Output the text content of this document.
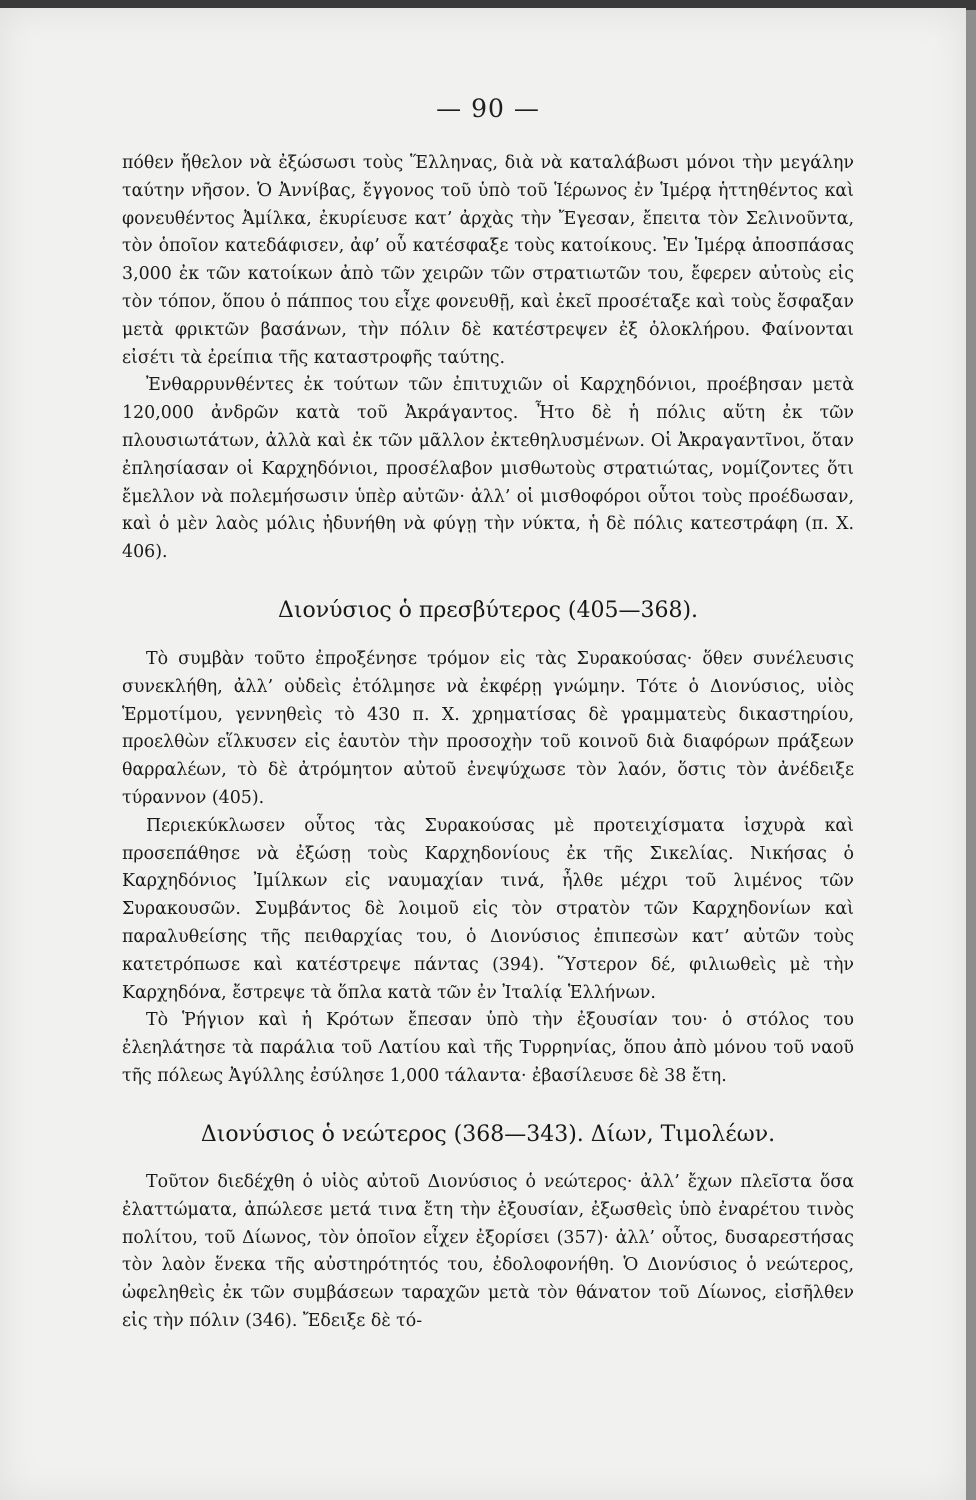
— 90 —

πόθεν ἤθελον νὰ ἐξώσωσι τοὺς Ἕλληνας, διὰ νὰ καταλάβωσι μόνοι τὴν μεγάλην ταύτην νῆσον. Ὁ Ἀννίβας, ἔγγονος τοῦ ὑπὸ τοῦ Ἱέρωνος ἐν Ἱμέρᾳ ἡττηθέντος καὶ φονευθέντος Ἀμίλκα, ἐκυρίευσε κατ’ ἀρχὰς τὴν Ἔγεσαν, ἔπειτα τὸν Σελινοῦντα, τὸν ὁποῖον κατεδάφισεν, ἀφ’ οὗ κατέσφαξε τοὺς κατοίκους. Ἐν Ἱμέρᾳ ἀποσπάσας 3,000 ἐκ τῶν κατοίκων ἀπὸ τῶν χειρῶν τῶν στρατιωτῶν του, ἔφερεν αὐτοὺς εἰς τὸν τόπον, ὅπου ὁ πάππος του εἶχε φονευθῇ, καὶ ἐκεῖ προσέταξε καὶ τοὺς ἔσφαξαν μετὰ φρικτῶν βασάνων, τὴν πόλιν δὲ κατέστρεψεν ἐξ ὁλοκλήρου. Φαίνονται εἰσέτι τὰ ἐρείπια τῆς καταστροφῆς ταύτης.

Ἐνθαρρυνθέντες ἐκ τούτων τῶν ἐπιτυχιῶν οἱ Καρχηδόνιοι, προέβησαν μετὰ 120,000 ἀνδρῶν κατὰ τοῦ Ἀκράγαντος. Ἦτο δὲ ἡ πόλις αὕτη ἐκ τῶν πλουσιωτάτων, ἀλλὰ καὶ ἐκ τῶν μᾶλλον ἐκτεθηλυσμένων. Οἱ Ἀκραγαντῖνοι, ὅταν ἐπλησίασαν οἱ Καρχηδόνιοι, προσέλαβον μισθωτοὺς στρατιώτας, νομίζοντες ὅτι ἔμελλον νὰ πολεμήσωσιν ὑπὲρ αὐτῶν· ἀλλ’ οἱ μισθοφόροι οὗτοι τοὺς προέδωσαν, καὶ ὁ μὲν λαὸς μόλις ἠδυνήθη νὰ φύγῃ τὴν νύκτα, ἡ δὲ πόλις κατεστράφη (π. Χ. 406).

Διονύσιος ὁ πρεσβύτερος (405—368).

Τὸ συμβὰν τοῦτο ἐπροξένησε τρόμον εἰς τὰς Συρακούσας· ὅθεν συνέλευσις συνεκλήθη, ἀλλ’ οὐδεὶς ἐτόλμησε νὰ ἐκφέρῃ γνώμην. Τότε ὁ Διονύσιος, υἱὸς Ἑρμοτίμου, γεννηθεὶς τὸ 430 π. Χ. χρηματίσας δὲ γραμματεὺς δικαστηρίου, προελθὼν εἵλκυσεν εἰς ἑαυτὸν τὴν προσοχὴν τοῦ κοινοῦ διὰ διαφόρων πράξεων θαρραλέων, τὸ δὲ ἀτρόμητον αὐτοῦ ἐνεψύχωσε τὸν λαόν, ὅστις τὸν ἀνέδειξε τύραννον (405).

Περιεκύκλωσεν οὗτος τὰς Συρακούσας μὲ προτειχίσματα ἰσχυρὰ καὶ προσεπάθησε νὰ ἐξώσῃ τοὺς Καρχηδονίους ἐκ τῆς Σικελίας. Νικήσας ὁ Καρχηδόνιος Ἰμίλκων εἰς ναυμαχίαν τινά, ἦλθε μέχρι τοῦ λιμένος τῶν Συρακουσῶν. Συμβάντος δὲ λοιμοῦ εἰς τὸν στρατὸν τῶν Καρχηδονίων καὶ παραλυθείσης τῆς πειθαρχίας του, ὁ Διονύσιος ἐπιπεσὼν κατ’ αὐτῶν τοὺς κατετρόπωσε καὶ κατέστρεψε πάντας (394). Ὕστερον δέ, φιλιωθεὶς μὲ τὴν Καρχηδόνα, ἔστρεψε τὰ ὅπλα κατὰ τῶν ἐν Ἰταλίᾳ Ἑλλήνων.

Τὸ Ῥήγιον καὶ ἡ Κρότων ἔπεσαν ὑπὸ τὴν ἐξουσίαν του· ὁ στόλος του ἐλεηλάτησε τὰ παράλια τοῦ Λατίου καὶ τῆς Τυρρηνίας, ὅπου ἀπὸ μόνου τοῦ ναοῦ τῆς πόλεως Ἀγύλλης ἐσύλησε 1,000 τάλαντα· ἐβασίλευσε δὲ 38 ἔτη.

Διονύσιος ὁ νεώτερος (368—343). Δίων, Τιμολέων.

Τοῦτον διεδέχθη ὁ υἱὸς αὐτοῦ Διονύσιος ὁ νεώτερος· ἀλλ’ ἔχων πλεῖστα ὅσα ἐλαττώματα, ἀπώλεσε μετά τινα ἔτη τὴν ἐξουσίαν, ἐξωσθεὶς ὑπὸ ἐναρέτου τινὸς πολίτου, τοῦ Δίωνος, τὸν ὁποῖον εἶχεν ἐξορίσει (357)· ἀλλ’ οὗτος, δυσαρεστήσας τὸν λαὸν ἕνεκα τῆς αὐστηρότητός του, ἐδολοφονήθη. Ὁ Διονύσιος ὁ νεώτερος, ὠφεληθεὶς ἐκ τῶν συμβάσεων ταραχῶν μετὰ τὸν θάνατον τοῦ Δίωνος, εἰσῆλθεν εἰς τὴν πόλιν (346). Ἔδειξε δὲ τό-
